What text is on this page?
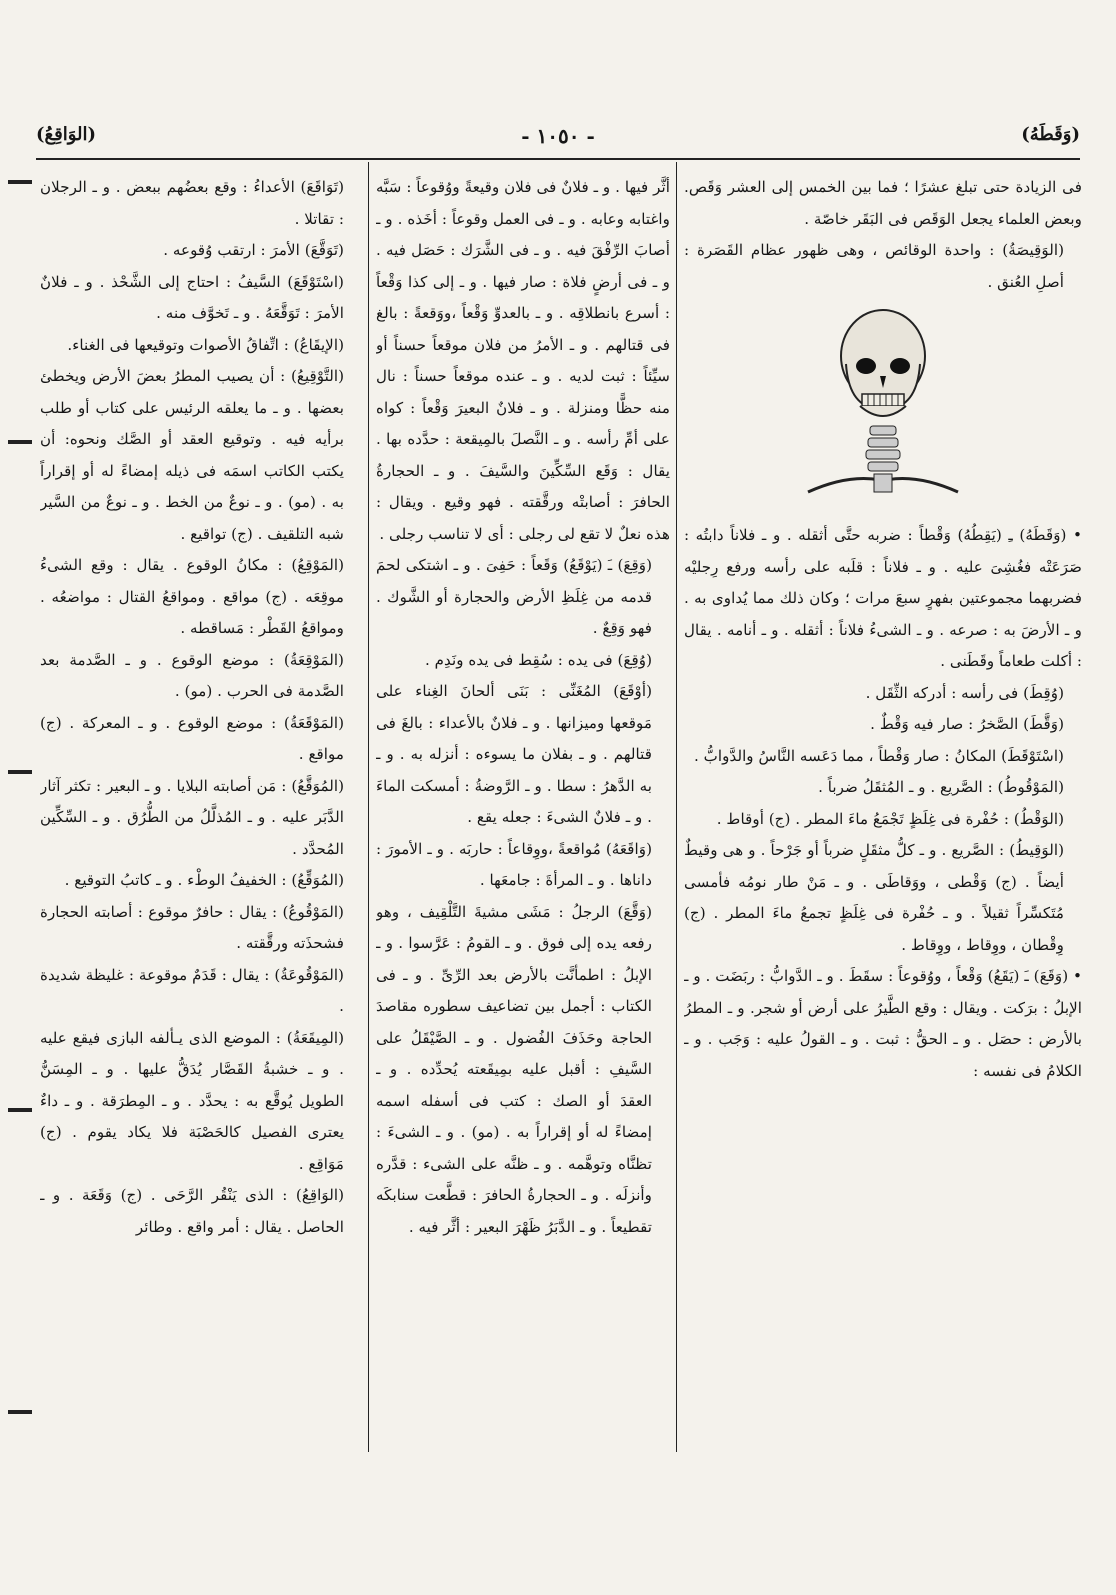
(وَقَطَهُ)
- ١٠٥٠ -
(الوَاقِعُ)

فى الزيادة حتى تبلغ عشرًا ؛ فما بين الخمس إلى العشر وَقَص. وبعض العلماء يجعل الوَقَص فى البَقَر خاصّة .

(الوَقِيصَةُ) : واحدة الوقائص ، وهى ظهور عظام القَصَرة : أصلِ العُنق .

• (وَقَطَهُ) ـِ (يَقِطُهُ) وَقْطاً : ضربه حتَّى أثقله . و ـ فلاناً دابتُه : صَرَعَتْه فغُشِىَ عليه . و ـ فلاناً : قلَبه على رأسه ورفع رِجليْه فضربهما مجموعتين بفهرٍ سبعَ مرات ؛ وكان ذلك مما يُداوى به . و ـ الأرضَ به : صرعه . و ـ الشىءُ فلاناً : أثقله . و ـ أنامه . يقال : أكلت طعاماً وقَطَنى .

(وُقِطَ) فى رأسه : أدركه الثِّقَل .

(وَقَّطَ) الصَّخرُ : صار فيه وَقْطٌ .

(اسْتَوْقَطَ) المكانُ : صار وَقْطاً ، مما دَعَسه النَّاسُ والدَّوابُّ .

(المَوْقُوطُ) : الصَّريع . و ـ المُثقَلُ ضرباً .

(الوَقْطُ) : حُفْرة فى غِلَظٍ تَجْمَعُ ماءَ المطر . (ج) أوقاط .

(الوَقِيطُ) : الصَّريع . و ـ كلُّ مثقَلٍ ضرباً أو جَرْحاً . و هى وقيطٌ أيضاً . (ج) وَقْطى ، ووَقاطَى . و ـ مَنْ طار نومُه فأمسى مُتَكسِّراً ثقيلاً . و ـ حُفْرة فى غِلَظٍ تجمعُ ماءَ المطر . (ج) وِقْطان ، ووِقاط ، ووِقاط .

• (وَقَعَ) ـَ (يَقَعُ) وَقْعاً ، ووُقوعاً : سقَطَ . و ـ الدَّوابُّ : ربَضَت . و ـ الإبلُ : برَكت . ويقال : وقع الطَّيرُ على أرض أو شجر. و ـ المطرُ بالأرض : حصَل . و ـ الحقُّ : ثبت . و ـ القولُ عليه : وَجَب . و ـ الكلامُ فى نفسه :

أثَّر فيها . و ـ فلانٌ فى فلان وقيعةً ووُقوعاً : سَبَّه واغتابه وعابه . و ـ فى العمل وقوعاً : أخَذه . و ـ أصابَ الرِّفْقَ فيه . و ـ فى الشَّرَك : حَصَل فيه . و ـ فى أرضٍ فلاة : صار فيها . و ـ إلى كذا وَقْعاً : أسرع بانطلاقِه . و ـ بالعدوِّ وَقْعاً ،ووَقعةً : بالغ فى قتالهم . و ـ الأمرُ من فلان موقعاً حسناً أو سيِّئاً : ثبت لديه . و ـ عنده موقعاً حسناً : نال منه حظًّا ومنزلة . و ـ فلانٌ البعيرَ وَقْعاً : كواه على أمِّ رأسه . و ـ النَّصلَ بالمِيقعة : حدَّده بها . يقال : وَقَع السِّكِّينَ والسَّيفَ . و ـ الحجارةُ الحافرَ : أصابتْه ورقَّقته . فهو وقيع . ويقال : هذه نعلٌ لا تقع لى رجلى : أى لا تناسب رجلى .

(وَقِعَ) ـَ (يَوْقَعُ) وَقَعاً : حَفِىَ . و ـ اشتكى لحمَ قدمه من غِلَظِ الأرض والحجارة أو الشَّوك . فهو وَقِعٌ .

(وُقِعَ) فى يده : سُقِط فى يده ونَدِم .

(أوْقَعَ) المُغَنِّى : بَنَى ألحانَ الغِناء على مَوقعها وميزانها . و ـ فلانٌ بالأعداء : بالغَ فى قتالهم . و ـ بفلان ما يسوءه : أنزله به . و ـ به الدَّهرُ : سطا . و ـ الرَّوضةُ : أمسكت الماءَ . و ـ فلانٌ الشىءَ : جعله يقع .

(وَاقَعَهُ) مُواقعةً ،ووِقاعاً : حاربَه . و ـ الأمورَ : داناها . و ـ المرأةَ : جامعَها .

(وَقَّعَ) الرجلُ : مَشَى مشيةَ التَّلْقِيف ، وهو رفعه يده إلى فوق . و ـ القومُ : عَرَّسوا . و ـ الإبلُ : اطمأنَّت بالأرض بعد الرِّىِّ . و ـ فى الكتاب : أجمل بين تضاعيف سطوره مقاصدَ الحاجة وحَذَفَ الفُضول . و ـ الصَّيْقَلُ على السَّيفِ : أقبل عليه بمِيقَعته يُحدِّده . و ـ العقدَ أو الصك : كتب فى أسفله اسمه إمضاءً له أو إقراراً به . (مو) . و ـ الشىءَ : تظنَّاه وتوهَّمه . و ـ ظنَّه على الشىء : قدَّره وأنزلَه . و ـ الحجارةُ الحافرَ : قطَّعت سنابكَه تقطيعاً . و ـ الدَّبَرُ ظَهْرَ البعير : أثَّر فيه .

(تَوَاقَعَ) الأعداءُ : وقع بعضُهم ببعض . و ـ الرجلان : تقاتلا .

(تَوَقَّعَ) الأمرَ : ارتقب وُقوعه .

(اسْتَوْقَعَ) السَّيفُ : احتاج إلى الشَّحْذ . و ـ فلانٌ الأمرَ : تَوَقَّعَهُ . و ـ تَخوَّف منه .

(الإيقَاعُ) : اتِّفاقُ الأصوات وتوقيعها فى الغناء.

(التَّوْقِيعُ) : أن يصيب المطرُ بعضَ الأرض ويخطئ بعضها . و ـ ما يعلقه الرئيس على كتاب أو طلب برأيه فيه . وتوقيع العقد أو الصَّك ونحوه: أن يكتب الكاتب اسمَه فى ذيله إمضاءً له أو إقراراً به . (مو) . و ـ نوعٌ من الخط . و ـ نوعٌ من السَّير شبه التلقيف . (ج) تواقيع .

(المَوْقِعُ) : مكانُ الوقوع . يقال : وقع الشىءُ موقِعَه . (ج) مواقع . ومواقعُ القتال : مواضعُه . ومواقعُ القَطْر : مَساقطه .

(المَوْقِعَةُ) : موضع الوقوع . و ـ الصَّدمة بعد الصَّدمة فى الحرب . (مو) .

(المَوْقَعَةُ) : موضع الوقوع . و ـ المعركة . (ج) مواقع .

(المُوَقَّعُ) : مَن أصابته البلايا . و ـ البعير : تكثر آثار الدَّبَر عليه . و ـ المُذلَّلُ من الطُّرُق . و ـ السِّكِّين المُحدَّد .

(المُوَقِّعُ) : الخفيفُ الوطْء . و ـ كاتبُ التوقيع .

(المَوْقُوعُ) : يقال : حافرٌ موقوع : أصابته الحجارة فشحذَته ورقَّقته .

(المَوْقُوعَةُ) : يقال : قَدَمٌ موقوعة : غليظة شديدة .

(المِيقَعَةُ) : الموضع الذى يـألفه البازى فيقع عليه . و ـ خشبةُ القَصَّار يُدَقُّ عليها . و ـ المِسَنُّ الطويل يُوقَّع به : يحدَّد . و ـ المِطرَقة . و ـ داءٌ يعترى الفصيل كالحَصْبَة فلا يكاد يقوم . (ج) مَوَاقِع .

(الوَاقِعُ) : الذى يَنْقُر الرَّحَى . (ج) وَقَعَة . و ـ الحاصل . يقال : أمر واقع . وطائر
